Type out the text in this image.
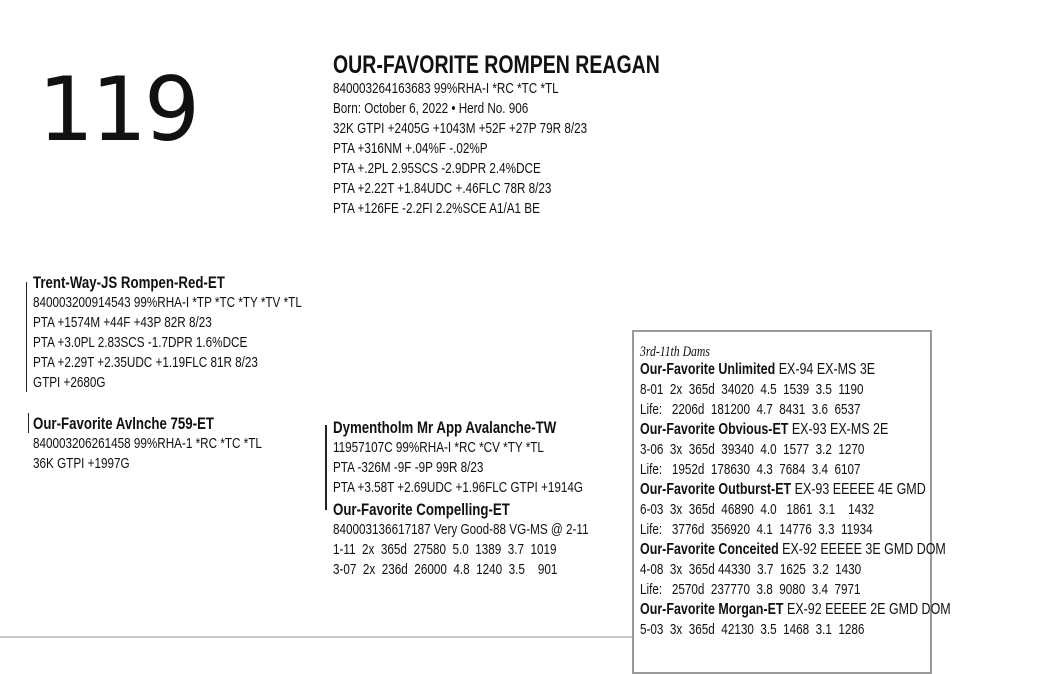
119	OUR-FAVORITE ROMPEN REAGAN
840003264163683 99%RHA-I *RC *TC *TL
Born: October 6, 2022 • Herd No. 906
32K GTPI +2405G +1043M +52F +27P 79R 8/23
PTA +316NM +.04%F -.02%P
PTA +.2PL 2.95SCS -2.9DPR 2.4%DCE
PTA +2.22T +1.84UDC +.46FLC 78R 8/23
PTA +126FE -2.2FI 2.2%SCE A1/A1 BE
Trent-Way-JS Rompen-Red-ET
840003200914543 99%RHA-I *TP *TC *TY *TV *TL
PTA +1574M +44F +43P 82R 8/23
PTA +3.0PL 2.83SCS -1.7DPR 1.6%DCE
PTA +2.29T +2.35UDC +1.19FLC 81R 8/23
GTPI +2680G
Our-Favorite Avlnche 759-ET
840003206261458 99%RHA-1 *RC *TC *TL
36K GTPI +1997G
Dymentholm Mr App Avalanche-TW
11957107C 99%RHA-I *RC *CV *TY *TL
PTA -326M -9F -9P 99R 8/23
PTA +3.58T +2.69UDC +1.96FLC GTPI +1914G
Our-Favorite Compelling-ET
840003136617187 Very Good-88 VG-MS @ 2-11
1-11  2x  365d  27580  5.0  1389  3.7  1019
3-07  2x  236d  26000  4.8  1240  3.5    901
3rd-11th Dams
Our-Favorite Unlimited EX-94 EX-MS 3E
8-01  2x  365d  34020  4.5  1539  3.5  1190
Life:   2206d  181200  4.7  8431  3.6  6537
Our-Favorite Obvious-ET EX-93 EX-MS 2E
3-06  3x  365d  39340  4.0  1577  3.2  1270
Life:   1952d  178630  4.3  7684  3.4  6107
Our-Favorite Outburst-ET EX-93 EEEEE 4E GMD
6-03  3x  365d  46890  4.0   1861  3.1    1432
Life:   3776d  356920  4.1  14776  3.3  11934
Our-Favorite Conceited EX-92 EEEEE 3E GMD DOM
4-08  3x  365d 44330  3.7  1625  3.2  1430
Life:   2570d  237770  3.8  9080  3.4  7971
Our-Favorite Morgan-ET EX-92 EEEEE 2E GMD DOM
5-03  3x  365d  42130  3.5  1468  3.1  1286
